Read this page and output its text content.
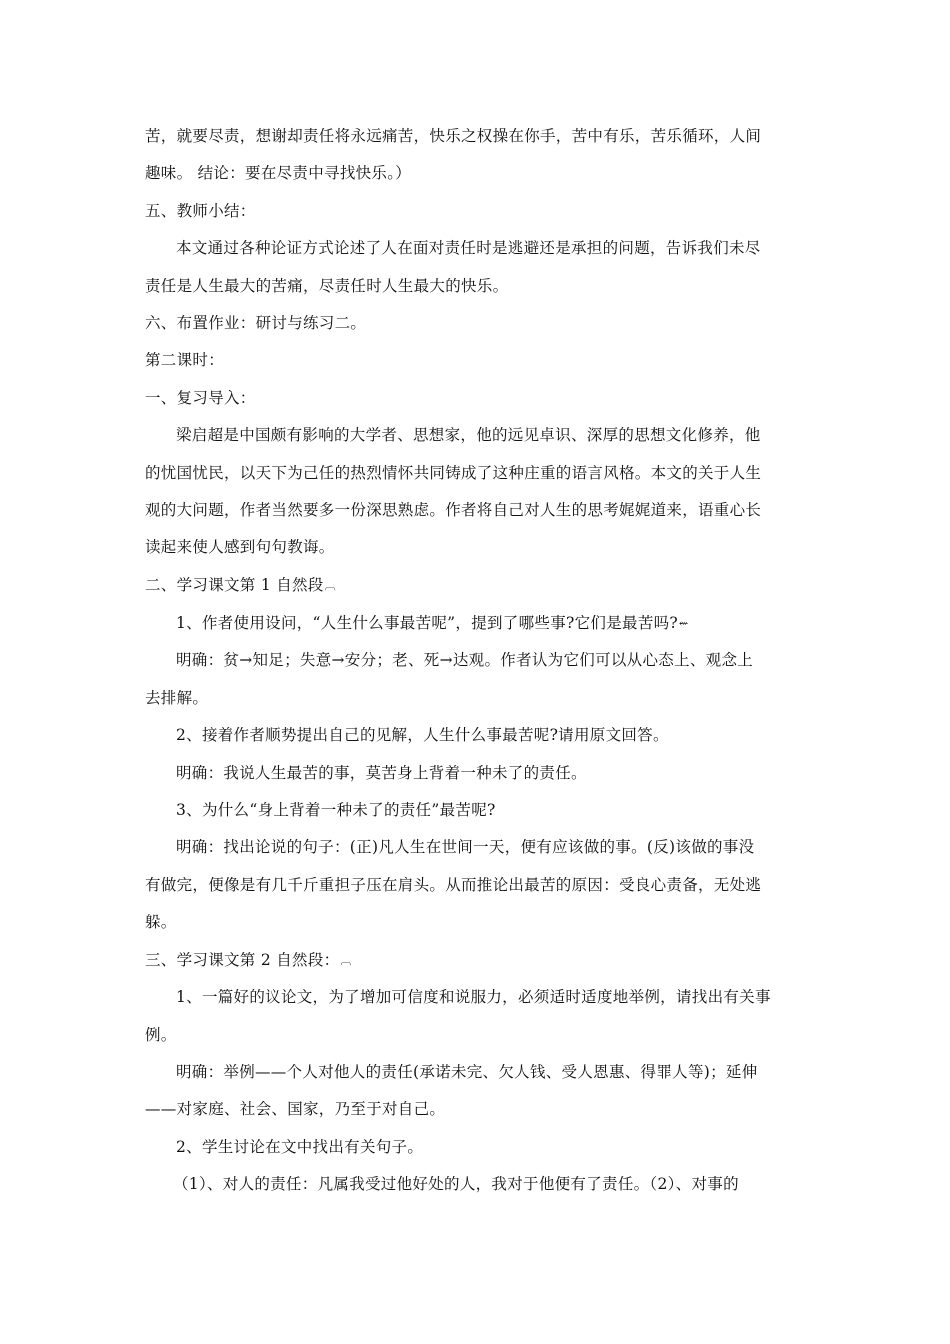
苦，就要尽责，想谢却责任将永远痛苦，快乐之权操在你手，苦中有乐，苦乐循环，人间
趣味。 结论：要在尽责中寻找快乐。）
五、教师小结：
本文通过各种论证方式论述了人在面对责任时是逃避还是承担的问题，告诉我们未尽
责任是人生最大的苦痛，尽责任时人生最大的快乐。
六、布置作业：研讨与练习二。
第二课时：
一、复习导入：
梁启超是中国颇有影响的大学者、思想家，他的远见卓识、深厚的思想文化修养，他
的忧国忧民，以天下为己任的热烈情怀共同铸成了这种庄重的语言风格。本文的关于人生
观的大问题，作者当然要多一份深思熟虑。作者将自己对人生的思考娓娓道来，语重心长
读起来使人感到句句教诲。
二、学习课文第 1 自然段︹
1、作者使用设问，“人生什么事最苦呢”，提到了哪些事?它们是最苦吗?⇜
明确：贫→知足；失意→安分；老、死→达观。作者认为它们可以从心态上、观念上
去排解。
2、接着作者顺势提出自己的见解，人生什么事最苦呢?请用原文回答。
明确：我说人生最苦的事，莫苦身上背着一种未了的责任。
3、为什么“身上背着一种未了的责任”最苦呢?
明确：找出论说的句子：(正)凡人生在世间一天，便有应该做的事。(反)该做的事没
有做完，便像是有几千斤重担子压在肩头。从而推论出最苦的原因：受良心责备，无处逃
躲。
三、学习课文第 2 自然段：︹
1、一篇好的议论文，为了增加可信度和说服力，必须适时适度地举例，请找出有关事
例。
明确：举例——个人对他人的责任(承诺未完、欠人钱、受人恩惠、得罪人等)；延伸
——对家庭、社会、国家，乃至于对自己。
2、学生讨论在文中找出有关句子。
（1）、对人的责任：凡属我受过他好处的人，我对于他便有了责任。（2）、对事的
